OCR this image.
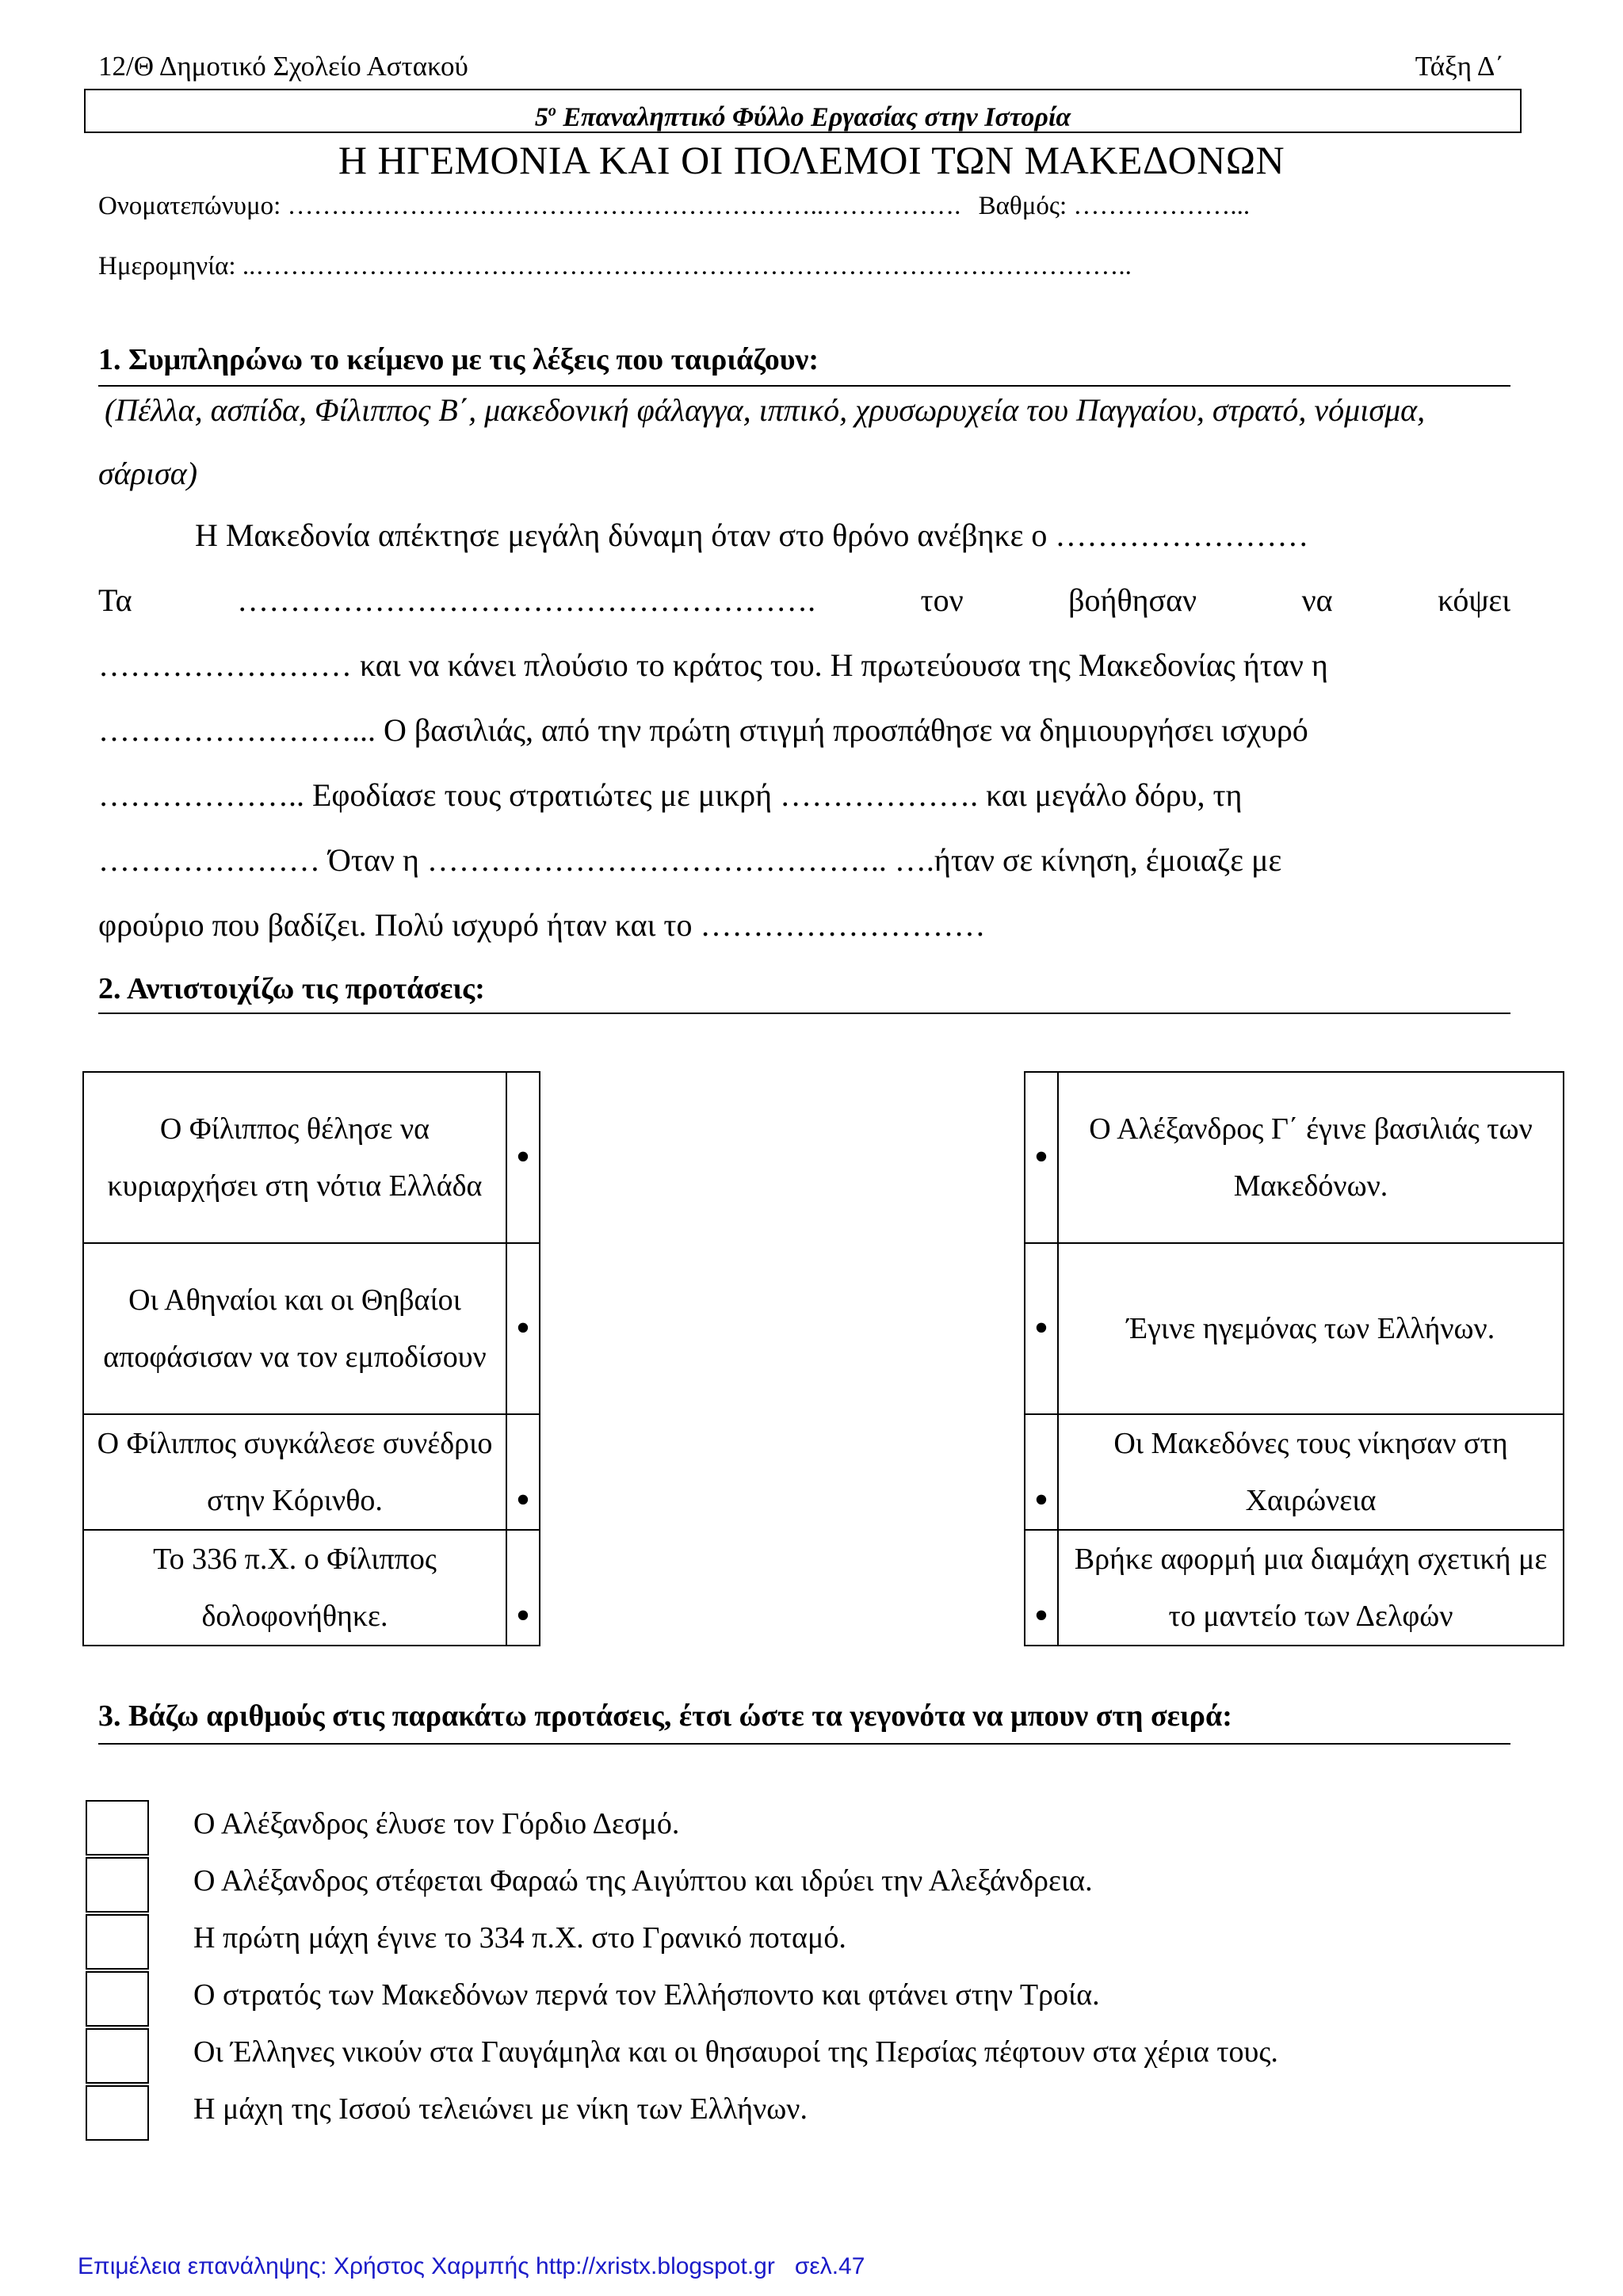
12/Θ Δημοτικό Σχολείο Αστακού	Τάξη Δ΄
$5^o$ Επαναληπτικό Φύλλο Εργασίας στην Ιστορία
Η ΗΓΕΜΟΝΙΑ ΚΑΙ ΟΙ ΠΟΛΕΜΟΙ ΤΩΝ ΜΑΚΕΔΟΝΩΝ
Ονοματεπώνυμο: ……………………………………………………..……………. Βαθμός: ………………...
Ημερομηνία: ..………………………………………………………………………………………..
1. Συμπληρώνω το κείμενο με τις λέξεις που ταιριάζουν:
(Πέλλα, ασπίδα, Φίλιππος Β΄, μακεδονική φάλαγγα, ιππικό, χρυσωρυχεία του Παγγαίου, στρατό, νόμισμα,
σάρισα)
Η Μακεδονία απέκτησε μεγάλη δύναμη όταν στο θρόνο ανέβηκε ο ……………………
Τα	……………………………………………….	τον	βοήθησαν	να	κόψει
…………………… και να κάνει πλούσιο το κράτος του. Η πρωτεύουσα της Μακεδονίας ήταν η
……………………... Ο βασιλιάς, από την πρώτη στιγμή προσπάθησε να δημιουργήσει ισχυρό
……………….. Εφοδίασε τους στρατιώτες με μικρή ………………. και μεγάλο δόρυ, τη
………………… Όταν η …………………………………….. ….ήταν σε κίνηση, έμοιαζε με
φρούριο που βαδίζει. Πολύ ισχυρό ήταν και το ………………………
2. Αντιστοιχίζω τις προτάσεις:
Ο Φίλιππος θέλησε να κυριαρχήσει στη νότια Ελλάδα	•
Οι Αθηναίοι και οι Θηβαίοι αποφάσισαν να τον εμποδίσουν	•
Ο Φίλιππος συγκάλεσε συνέδριο στην Κόρινθο.	•
Το 336 π.Χ. ο Φίλιππος δολοφονήθηκε.	•
•	Ο Αλέξανδρος Γ΄ έγινε βασιλιάς των Μακεδόνων.
•	Έγινε ηγεμόνας των Ελλήνων.
•	Οι Μακεδόνες τους νίκησαν στη Χαιρώνεια
•	Βρήκε αφορμή μια διαμάχη σχετική με το μαντείο των Δελφών
3. Βάζω αριθμούς στις παρακάτω προτάσεις, έτσι ώστε τα γεγονότα να μπουν στη σειρά:
Ο Αλέξανδρος έλυσε τον Γόρδιο Δεσμό.
Ο Αλέξανδρος στέφεται Φαραώ της Αιγύπτου και ιδρύει την Αλεξάνδρεια.
Η πρώτη μάχη έγινε το 334 π.Χ. στο Γρανικό ποταμό.
Ο στρατός των Μακεδόνων περνά τον Ελλήσποντο και φτάνει στην Τροία.
Οι Έλληνες νικούν στα Γαυγάμηλα και οι θησαυροί της Περσίας πέφτουν στα χέρια τους.
Η μάχη της Ισσού τελειώνει με νίκη των Ελλήνων.
Επιμέλεια επανάληψης: Χρήστος Χαρμπής http://xristx.blogspot.gr   σελ.47
